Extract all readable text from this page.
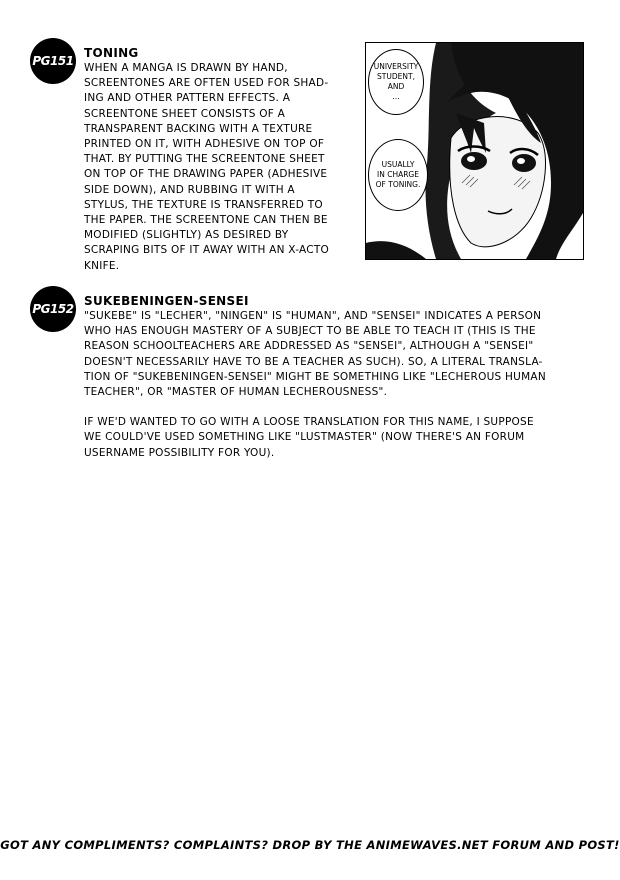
PG151
TONING
WHEN A MANGA IS DRAWN BY HAND,
SCREENTONES ARE OFTEN USED FOR SHAD-
ING AND OTHER PATTERN EFFECTS. A
SCREENTONE SHEET CONSISTS OF A
TRANSPARENT BACKING WITH A TEXTURE
PRINTED ON IT, WITH ADHESIVE ON TOP OF
THAT. BY PUTTING THE SCREENTONE SHEET
ON TOP OF THE DRAWING PAPER (ADHESIVE
SIDE DOWN), AND RUBBING IT WITH A
STYLUS, THE TEXTURE IS TRANSFERRED TO
THE PAPER. THE SCREENTONE CAN THEN BE
MODIFIED (SLIGHTLY) AS DESIRED BY
SCRAPING BITS OF IT AWAY WITH AN X-ACTO
KNIFE.
UNIVERSITY
STUDENT,
AND
...
USUALLY
IN CHARGE
OF TONING.
PG152
SUKEBENINGEN-SENSEI
"SUKEBE" IS "LECHER", "NINGEN" IS "HUMAN", AND "SENSEI" INDICATES A PERSON
WHO HAS ENOUGH MASTERY OF A SUBJECT TO BE ABLE TO TEACH IT (THIS IS THE
REASON SCHOOLTEACHERS ARE ADDRESSED AS "SENSEI", ALTHOUGH A "SENSEI"
DOESN'T NECESSARILY HAVE TO BE A TEACHER AS SUCH). SO, A LITERAL TRANSLA-
TION OF "SUKEBENINGEN-SENSEI" MIGHT BE SOMETHING LIKE "LECHEROUS HUMAN
TEACHER", OR "MASTER OF HUMAN LECHEROUSNESS".
IF WE'D WANTED TO GO WITH A LOOSE TRANSLATION FOR THIS NAME, I SUPPOSE
WE COULD'VE USED SOMETHING LIKE "LUSTMASTER" (NOW THERE'S AN FORUM
USERNAME POSSIBILITY FOR YOU).
GOT ANY COMPLIMENTS? COMPLAINTS? DROP BY THE ANIMEWAVES.NET FORUM AND POST!
